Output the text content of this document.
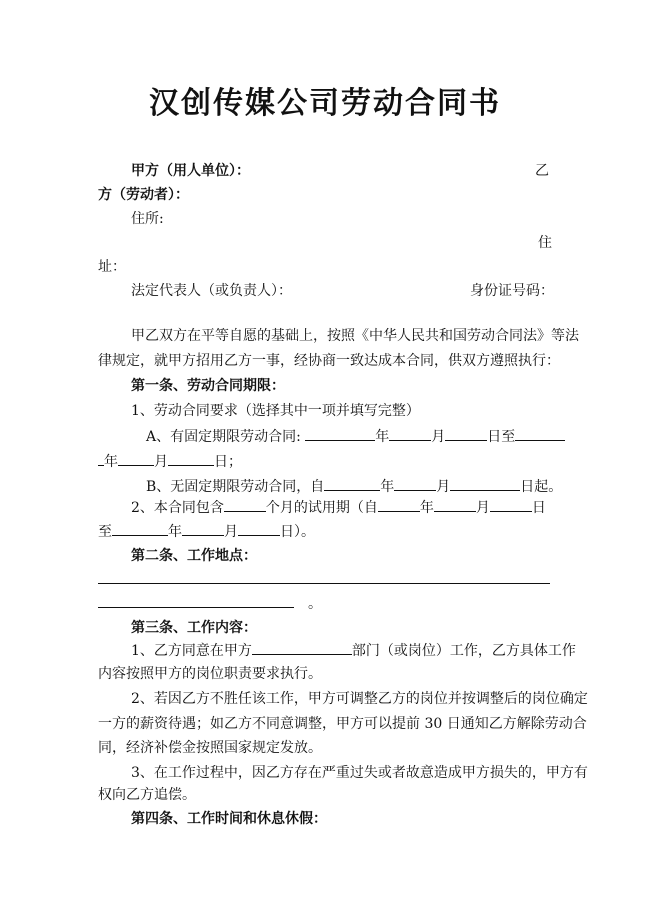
汉创传媒公司劳动合同书
甲方（用人单位）：	乙
方（劳动者）：
住所:
住
址：
法定代表人（或负责人）：	身份证号码：
甲乙双方在平等自愿的基础上，按照《中华人民共和国劳动合同法》等法
律规定，就甲方招用乙方一事，经协商一致达成本合同，供双方遵照执行：
第一条、劳动合同期限：
1、劳动合同要求（选择其中一项并填写完整）
A、有固定期限劳动合同:	年	月	日至
年	月	日；
B、无固定期限劳动合同，自	年	月	日起。
2、本合同包含	个月的试用期（自	年	月	日
至	年	月	日）。
第二条、工作地点：
。
第三条、工作内容：
1、乙方同意在甲方	部门（或岗位）工作，乙方具体工作
内容按照甲方的岗位职责要求执行。
2、若因乙方不胜任该工作，甲方可调整乙方的岗位并按调整后的岗位确定
一方的薪资待遇；如乙方不同意调整，甲方可以提前 30 日通知乙方解除劳动合
同，经济补偿金按照国家规定发放。
3、在工作过程中，因乙方存在严重过失或者故意造成甲方损失的，甲方有
权向乙方追偿。
第四条、工作时间和休息休假：
